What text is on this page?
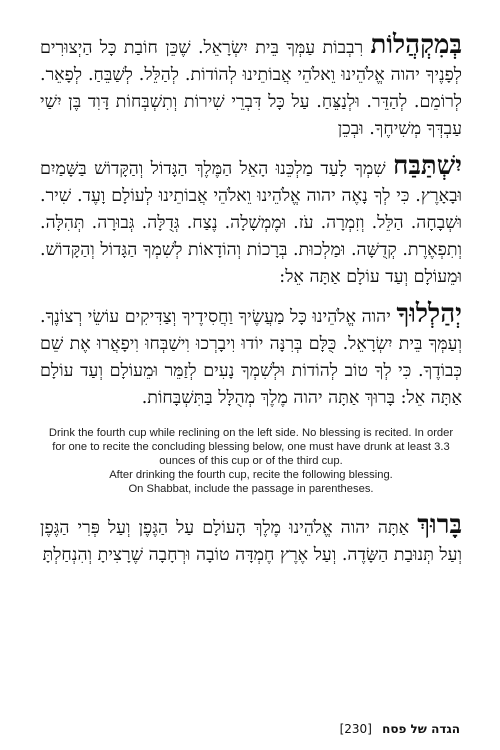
בְּמִקְהֲלוֹת רִבְבוֹת עַמְּךָ בֵּית יִשְׂרָאֵל. שֶׁכֵּן חוֹבַת כָּל הַיְצוּרִים לְפָנֶיךָ יהוה אֱלֹהֵינוּ וֵאלֹהֵי אֲבוֹתֵינוּ לְהוֹדוֹת. לְהַלֵּל. לְשַׁבֵּחַ. לְפָאֵר. לְרוֹמֵם. לְהַדֵּר. וּלְנַצֵּחַ. עַל כָּל דִּבְרֵי שִׁירוֹת וְתִשְׁבְּחוֹת דָּוִד בֶּן יִשַׁי עַבְדְּךָ מְשִׁיחֶךָ. וּבְכֵן

יִשְׁתַּבַּח שִׁמְךָ לָעַד מַלְכֵּנוּ הָאֵל הַמֶּלֶךְ הַגָּדוֹל וְהַקָּדוֹשׁ בַּשָּׁמַיִם וּבָאָרֶץ. כִּי לְךָ נָאֶה יהוה אֱלֹהֵינוּ וֵאלֹהֵי אֲבוֹתֵינוּ לְעוֹלָם וָעֶד. שִׁיר. וּשְׁבָחָה. הַלֵּל. וְזִמְרָה. עֹז. וּמֶמְשָׁלָה. נֶצַח. גְּדֻלָּה. גְּבוּרָה. תְּהִלָּה. וְתִפְאֶרֶת. קְדֻשָּׁה. וּמַלְכוּת. בְּרָכוֹת וְהוֹדָאוֹת לְשִׁמְךָ הַגָּדוֹל וְהַקָּדוֹשׁ. וּמֵעוֹלָם וְעַד עוֹלָם אַתָּה אֵל:

יְהַלְלוּךָ יהוה אֱלֹהֵינוּ כָּל מַעֲשֶׂיךָ וַחֲסִידֶיךָ וְצַדִּיקִים עוֹשֵׂי רְצוֹנֶךָ. וְעַמְּךָ בֵּית יִשְׂרָאֵל. כֻּלָּם בְּרִנָּה יוֹדוּ וִיבָרְכוּ וִישַׁבְּחוּ וִיפָאֲרוּ אֶת שֵׁם כְּבוֹדֶךָ. כִּי לְךָ טוֹב לְהוֹדוֹת וּלְשִׁמְךָ נָעִים לְזַמֵּר וּמֵעוֹלָם וְעַד עוֹלָם אַתָּה אֵל: בָּרוּךְ אַתָּה יהוה מֶלֶךְ מְהֻלָּל בַּתִּשְׁבָּחוֹת.

Drink the fourth cup while reclining on the left side. No blessing is recited. In order for one to recite the concluding blessing below, one must have drunk at least 3.3 ounces of this cup or of the third cup.
After drinking the fourth cup, recite the following blessing.
On Shabbat, include the passage in parentheses.

בָּרוּךְ אַתָּה יהוה אֱלֹהֵינוּ מֶלֶךְ הָעוֹלָם עַל הַגֶּפֶן וְעַל פְּרִי הַגֶּפֶן וְעַל תְּנוּבַת הַשָּׂדֶה. וְעַל אֶרֶץ חֶמְדָּה טוֹבָה וּרְחָבָה שֶׁרָצִיתָ וְהִנְחַלְתָּ

הגדה של פסח [230]
